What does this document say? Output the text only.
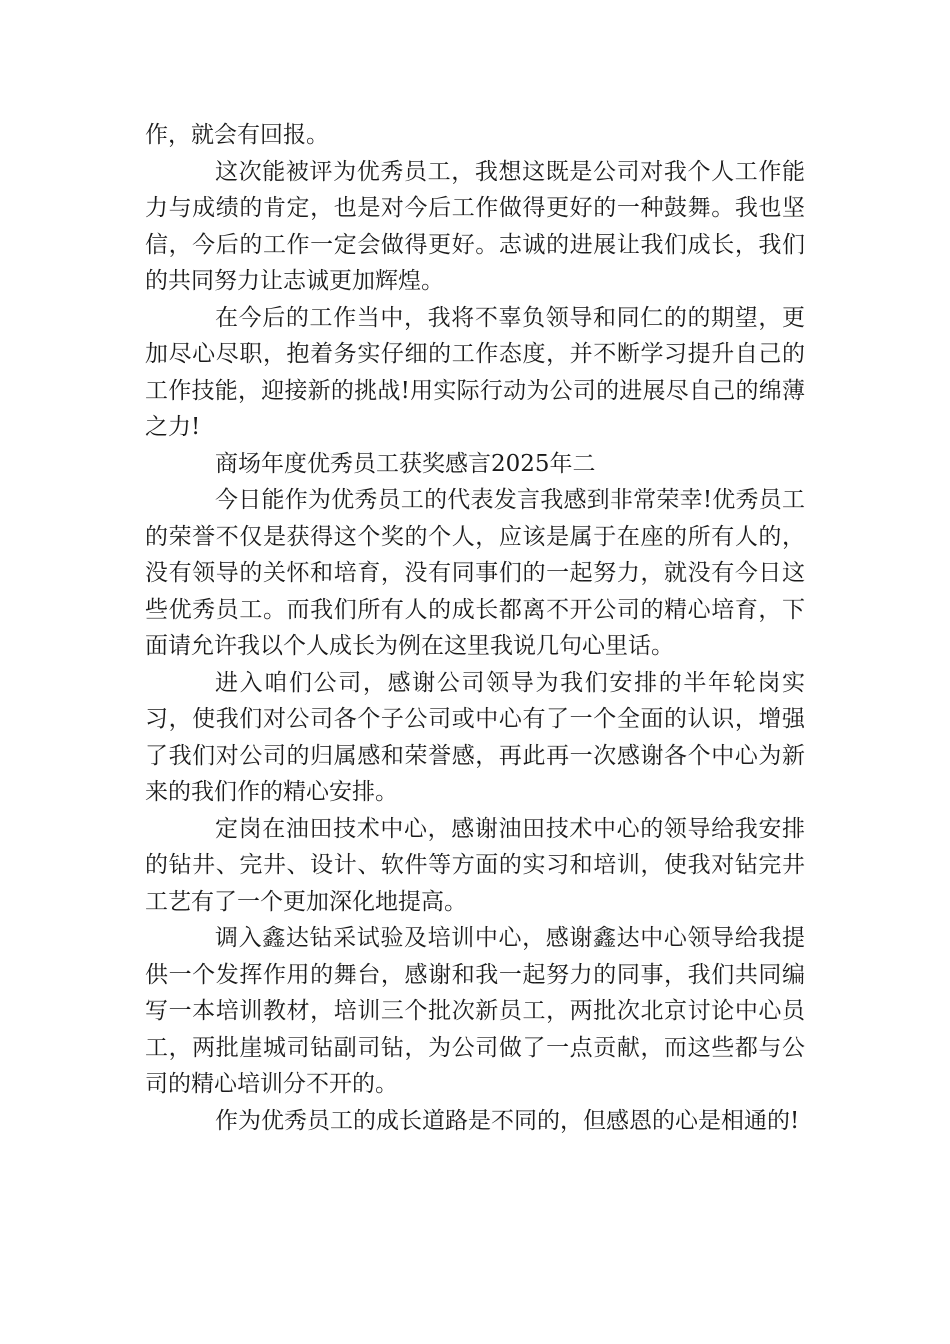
作，就会有回报。

这次能被评为优秀员工，我想这既是公司对我个人工作能力与成绩的肯定，也是对今后工作做得更好的一种鼓舞。我也坚信，今后的工作一定会做得更好。志诚的进展让我们成长，我们的共同努力让志诚更加辉煌。

在今后的工作当中，我将不辜负领导和同仁的的期望，更加尽心尽职，抱着务实仔细的工作态度，并不断学习提升自己的工作技能，迎接新的挑战!用实际行动为公司的进展尽自己的绵薄之力!

商场年度优秀员工获奖感言2025年二

今日能作为优秀员工的代表发言我感到非常荣幸!优秀员工的荣誉不仅是获得这个奖的个人，应该是属于在座的所有人的，没有领导的关怀和培育，没有同事们的一起努力，就没有今日这些优秀员工。而我们所有人的成长都离不开公司的精心培育，下面请允许我以个人成长为例在这里我说几句心里话。

进入咱们公司，感谢公司领导为我们安排的半年轮岗实习，使我们对公司各个子公司或中心有了一个全面的认识，增强了我们对公司的归属感和荣誉感，再此再一次感谢各个中心为新来的我们作的精心安排。

定岗在油田技术中心，感谢油田技术中心的领导给我安排的钻井、完井、设计、软件等方面的实习和培训，使我对钻完井工艺有了一个更加深化地提高。

调入鑫达钻采试验及培训中心，感谢鑫达中心领导给我提供一个发挥作用的舞台，感谢和我一起努力的同事，我们共同编写一本培训教材，培训三个批次新员工，两批次北京讨论中心员工，两批崖城司钻副司钻，为公司做了一点贡献，而这些都与公司的精心培训分不开的。

作为优秀员工的成长道路是不同的，但感恩的心是相通的!
